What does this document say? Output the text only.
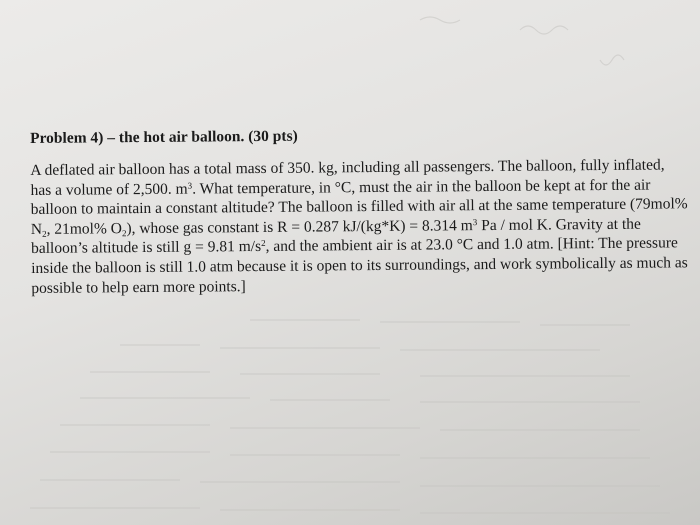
Problem 4) – the hot air balloon. (30 pts)

A deflated air balloon has a total mass of 350. kg, including all passengers. The balloon, fully inflated,

has a volume of 2,500. $m^3$. What temperature, in °C, must the air in the balloon be kept at for the air

balloon to maintain a constant altitude? The balloon is filled with air all at the same temperature (79mol%

$N_2$, 21mol% $O_2$), whose gas constant is R = 0.287 kJ/(kg*K) = 8.314 $m^3$ Pa / mol K. Gravity at the

balloon’s altitude is still g = 9.81 $m/s^2$, and the ambient air is at 23.0 °C and 1.0 atm. [Hint: The pressure

inside the balloon is still 1.0 atm because it is open to its surroundings, and work symbolically as much as

possible to help earn more points.]
